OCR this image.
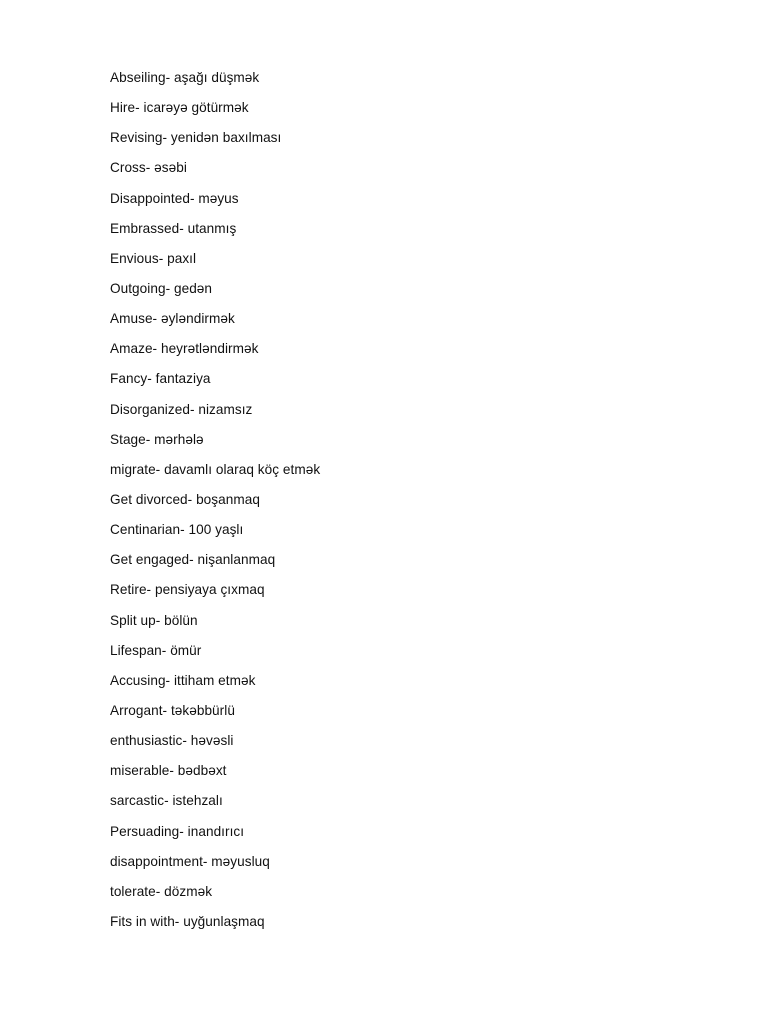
Abseiling- aşağı düşmək
Hire- icarəyə götürmək
Revising- yenidən baxılması
Cross- əsəbi
Disappointed- məyus
Embrassed- utanmış
Envious- paxıl
Outgoing- gedən
Amuse- əyləndirmək
Amaze- heyrətləndirmək
Fancy- fantaziya
Disorganized- nizamsız
Stage- mərhələ
migrate- davamlı olaraq köç etmək
Get divorced- boşanmaq
Centinarian- 100 yaşlı
Get engaged- nişanlanmaq
Retire- pensiyaya çıxmaq
Split up- bölün
Lifespan- ömür
Accusing- ittiham etmək
Arrogant- təkəbbürlü
enthusiastic- həvəsli
miserable- bədbəxt
sarcastic- istehzalı
Persuading- inandırıcı
disappointment- məyusluq
tolerate- dözmək
Fits in with- uyğunlaşmaq
